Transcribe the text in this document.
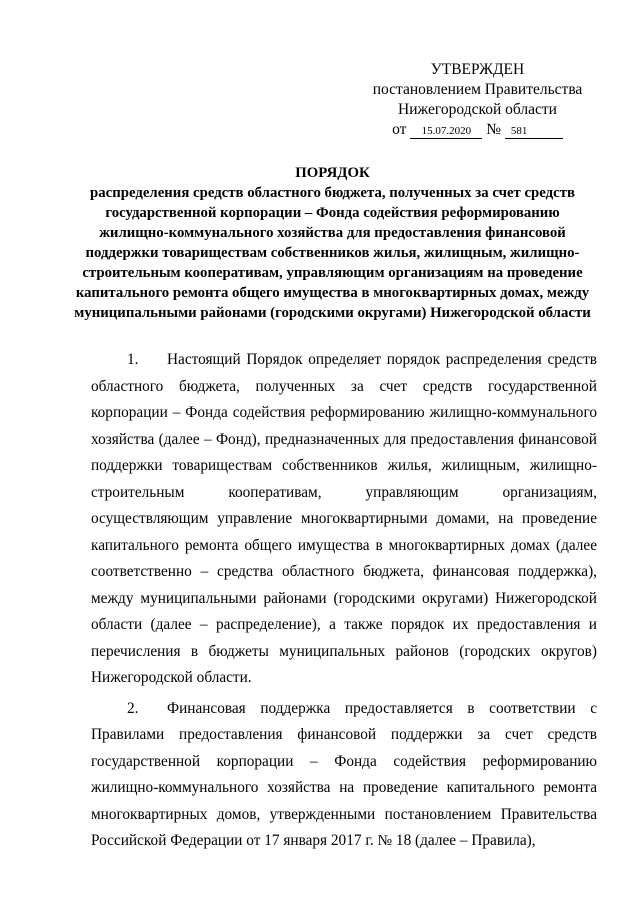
УТВЕРЖДЕН
постановлением Правительства
Нижегородской области
от 15.07.2020 № 581
ПОРЯДОК
распределения средств областного бюджета, полученных за счет средств государственной корпорации – Фонда содействия реформированию жилищно-коммунального хозяйства для предоставления финансовой поддержки товариществам собственников жилья, жилищным, жилищно-строительным кооперативам, управляющим организациям на проведение капитального ремонта общего имущества в многоквартирных домах, между муниципальными районами (городскими округами) Нижегородской области

1. Настоящий Порядок определяет порядок распределения средств областного бюджета, полученных за счет средств государственной корпорации – Фонда содействия реформированию жилищно-коммунального хозяйства (далее – Фонд), предназначенных для предоставления финансовой поддержки товариществам собственников жилья, жилищным, жилищно-строительным кооперативам, управляющим организациям, осуществляющим управление многоквартирными домами, на проведение капитального ремонта общего имущества в многоквартирных домах (далее соответственно – средства областного бюджета, финансовая поддержка), между муниципальными районами (городскими округами) Нижегородской области (далее – распределение), а также порядок их предоставления и перечисления в бюджеты муниципальных районов (городских округов) Нижегородской области.

2. Финансовая поддержка предоставляется в соответствии с Правилами предоставления финансовой поддержки за счет средств государственной корпорации – Фонда содействия реформированию жилищно-коммунального хозяйства на проведение капитального ремонта многоквартирных домов, утвержденными постановлением Правительства Российской Федерации от 17 января 2017 г. № 18 (далее – Правила),
